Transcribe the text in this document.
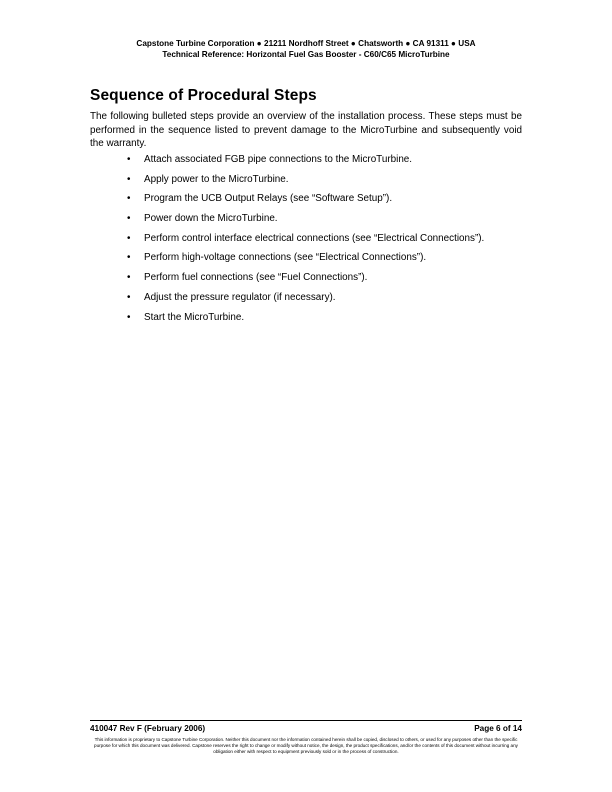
Capstone Turbine Corporation ● 21211 Nordhoff Street ● Chatsworth ● CA 91311 ● USA
Technical Reference: Horizontal Fuel Gas Booster - C60/C65 MicroTurbine
Sequence of Procedural Steps

The following bulleted steps provide an overview of the installation process. These steps must be performed in the sequence listed to prevent damage to the MicroTurbine and subsequently void the warranty.

• Attach associated FGB pipe connections to the MicroTurbine.
• Apply power to the MicroTurbine.
• Program the UCB Output Relays (see “Software Setup”).
• Power down the MicroTurbine.
• Perform control interface electrical connections (see “Electrical Connections”).
• Perform high-voltage connections (see “Electrical Connections”).
• Perform fuel connections (see “Fuel Connections”).
• Adjust the pressure regulator (if necessary).
• Start the MicroTurbine.
410047 Rev F (February 2006)	Page 6 of 14

This information is proprietary to Capstone Turbine Corporation. Neither this document nor the information contained herein shall be copied, disclosed to others, or used for any purposes other than the specific purpose for which this document was delivered. Capstone reserves the right to change or modify without notice, the design, the product specifications, and/or the contents of this document without incurring any obligation either with respect to equipment previously sold or in the process of construction.
